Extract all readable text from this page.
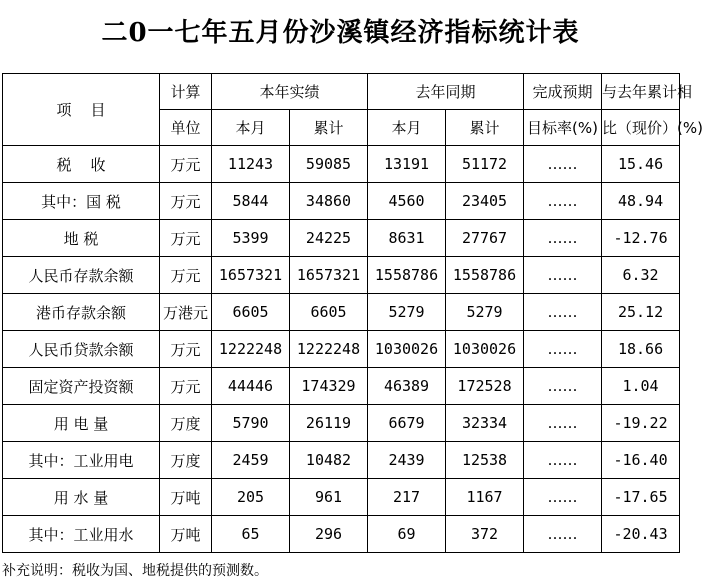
二0一七年五月份沙溪镇经济指标统计表
项    目	计算	本年实绩		去年同期		完成预期	与去年累计相
	单位	本月	累计	本月	累计	目标率(%)	比（现价）(%)
税    收	万元	11243	59085	13191	51172	……	15.46
其中：国 税	万元	5844	34860	4560	23405	……	48.94
地 税	万元	5399	24225	8631	27767	……	-12.76
人民币存款余额	万元	1657321	1657321	1558786	1558786	……	6.32
港币存款余额	万港元	6605	6605	5279	5279	……	25.12
人民币贷款余额	万元	1222248	1222248	1030026	1030026	……	18.66
固定资产投资额	万元	44446	174329	46389	172528	……	1.04
用 电 量	万度	5790	26119	6679	32334	……	-19.22
其中：工业用电	万度	2459	10482	2439	12538	……	-16.40
用 水 量	万吨	205	961	217	1167	……	-17.65
其中：工业用水	万吨	65	296	69	372	……	-20.43
补充说明：税收为国、地税提供的预测数。
